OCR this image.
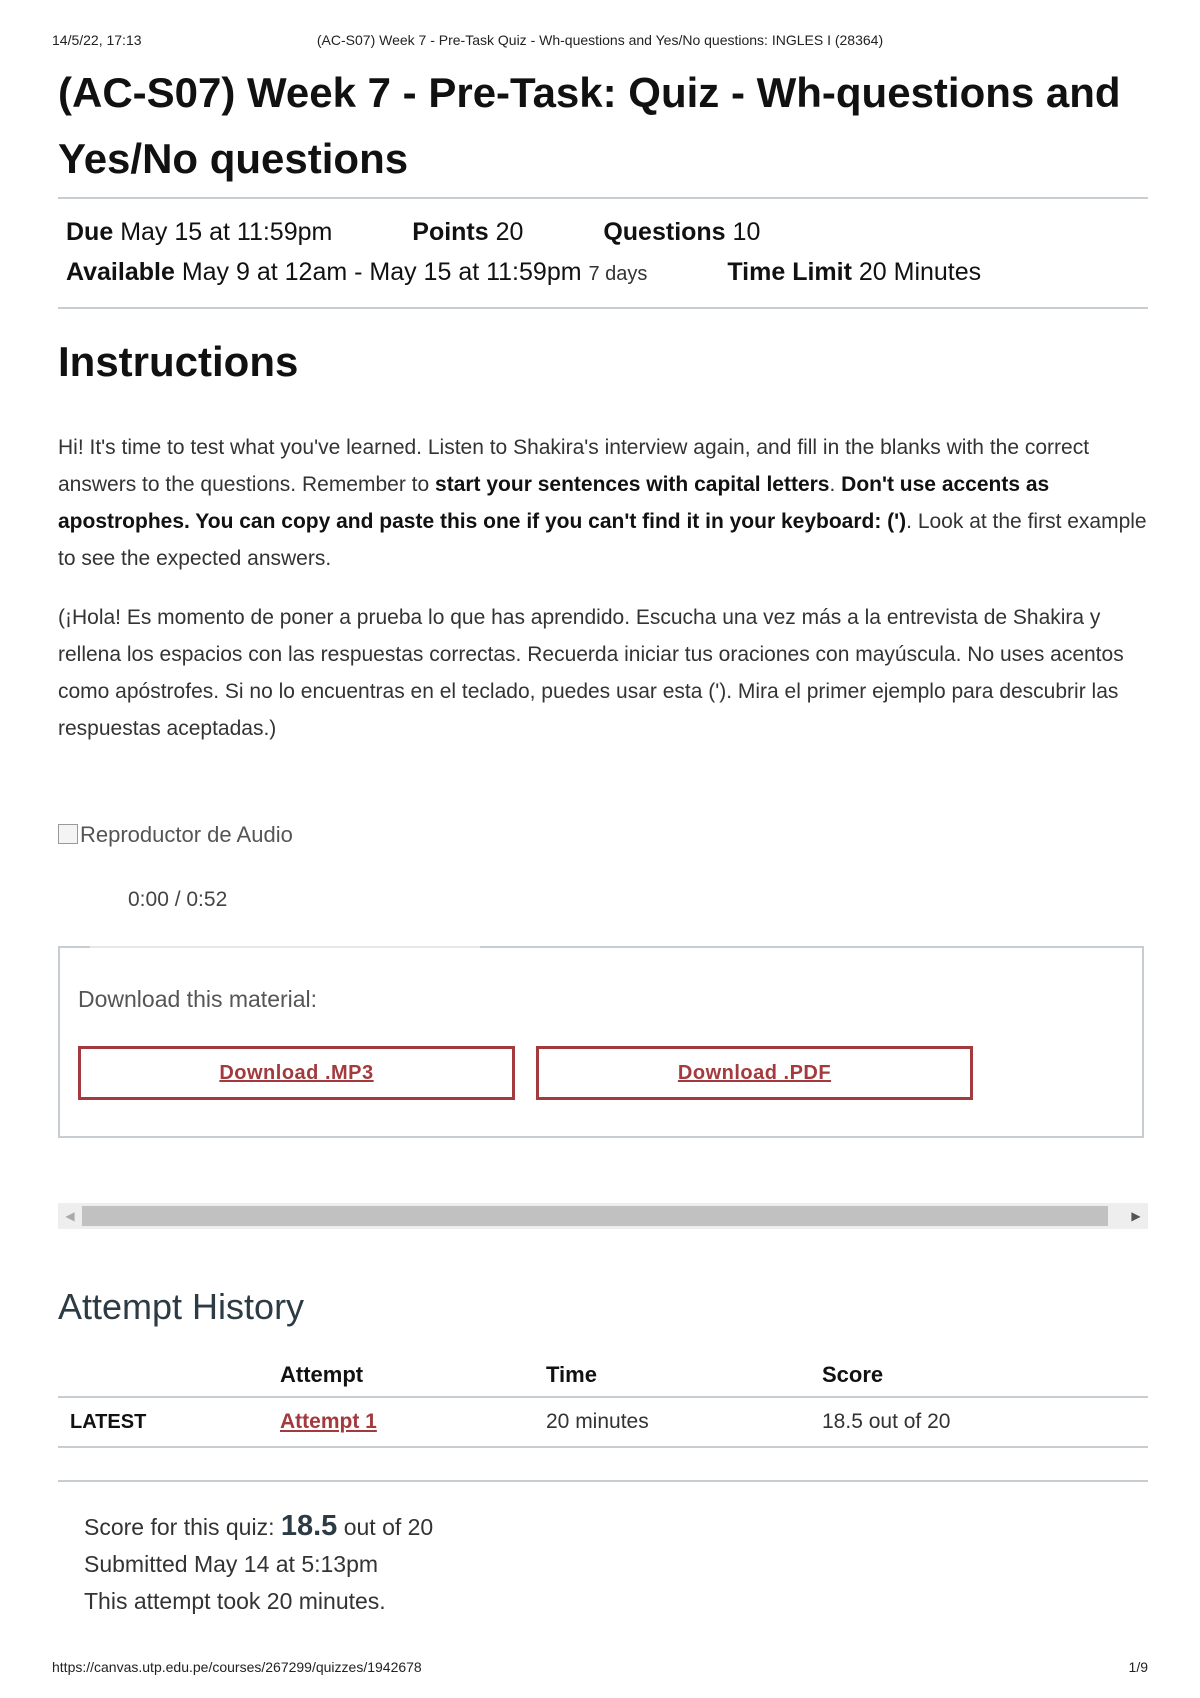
14/5/22, 17:13	(AC-S07) Week 7 - Pre-Task Quiz - Wh-questions and Yes/No questions: INGLES I (28364)
(AC-S07) Week 7 - Pre-Task: Quiz - Wh-questions and Yes/No questions
Due May 15 at 11:59pm	Points 20	Questions 10
Available May 9 at 12am - May 15 at 11:59pm 7 days	Time Limit 20 Minutes
Instructions

Hi! It's time to test what you've learned. Listen to Shakira's interview again, and fill in the blanks with the correct answers to the questions. Remember to start your sentences with capital letters. Don't use accents as apostrophes. You can copy and paste this one if you can't find it in your keyboard: ('). Look at the first example to see the expected answers.

(¡Hola! Es momento de poner a prueba lo que has aprendido. Escucha una vez más a la entrevista de Shakira y rellena los espacios con las respuestas correctas. Recuerda iniciar tus oraciones con mayúscula. No uses acentos como apóstrofes. Si no lo encuentras en el teclado, puedes usar esta ('). Mira el primer ejemplo para descubrir las respuestas aceptadas.)

Reproductor de Audio
0:00 / 0:52
Download this material:
Download .MP3	Download .PDF
◀	▶
Attempt History
	Attempt	Time	Score
LATEST	Attempt 1	20 minutes	18.5 out of 20
Score for this quiz: 18.5 out of 20
Submitted May 14 at 5:13pm
This attempt took 20 minutes.
https://canvas.utp.edu.pe/courses/267299/quizzes/1942678	1/9
